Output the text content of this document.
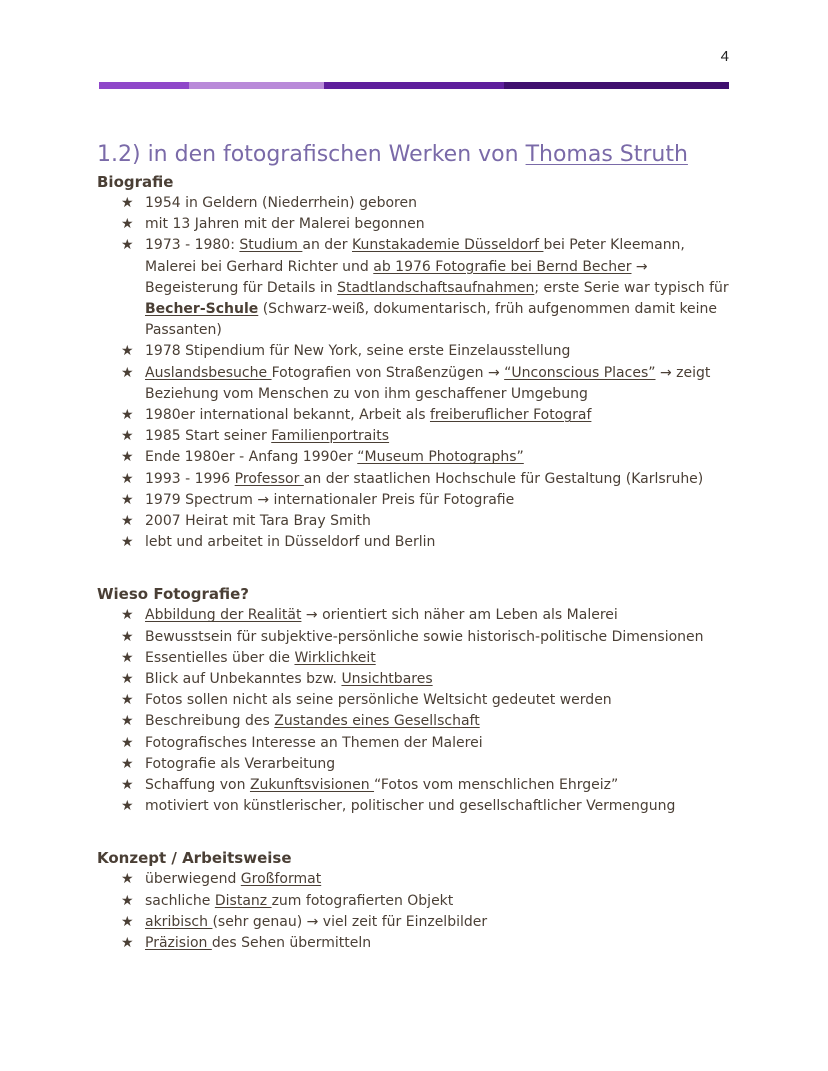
4
1.2) in den fotografischen Werken von Thomas Struth

Biografie

★ 1954 in Geldern (Niederrhein) geboren
★ mit 13 Jahren mit der Malerei begonnen
★ 1973 - 1980: Studium an der Kunstakademie Düsseldorf bei Peter Kleemann, Malerei bei Gerhard Richter und ab 1976 Fotografie bei Bernd Becher → Begeisterung für Details in Stadtlandschaftsaufnahmen; erste Serie war typisch für Becher-Schule (Schwarz-weiß, dokumentarisch, früh aufgenommen damit keine Passanten)
★ 1978 Stipendium für New York, seine erste Einzelausstellung
★ Auslandsbesuche Fotografien von Straßenzügen → “Unconscious Places” → zeigt Beziehung vom Menschen zu von ihm geschaffener Umgebung
★ 1980er international bekannt, Arbeit als freiberuflicher Fotograf
★ 1985 Start seiner Familienportraits
★ Ende 1980er - Anfang 1990er “Museum Photographs”
★ 1993 - 1996 Professor an der staatlichen Hochschule für Gestaltung (Karlsruhe)
★ 1979 Spectrum → internationaler Preis für Fotografie
★ 2007 Heirat mit Tara Bray Smith
★ lebt und arbeitet in Düsseldorf und Berlin

Wieso Fotografie?

★ Abbildung der Realität → orientiert sich näher am Leben als Malerei
★ Bewusstsein für subjektive-persönliche sowie historisch-politische Dimensionen
★ Essentielles über die Wirklichkeit
★ Blick auf Unbekanntes bzw. Unsichtbares
★ Fotos sollen nicht als seine persönliche Weltsicht gedeutet werden
★ Beschreibung des Zustandes eines Gesellschaft
★ Fotografisches Interesse an Themen der Malerei
★ Fotografie als Verarbeitung
★ Schaffung von Zukunftsvisionen “Fotos vom menschlichen Ehrgeiz”
★ motiviert von künstlerischer, politischer und gesellschaftlicher Vermengung

Konzept / Arbeitsweise

★ überwiegend Großformat
★ sachliche Distanz zum fotografierten Objekt
★ akribisch (sehr genau) → viel zeit für Einzelbilder
★ Präzision des Sehen übermitteln
